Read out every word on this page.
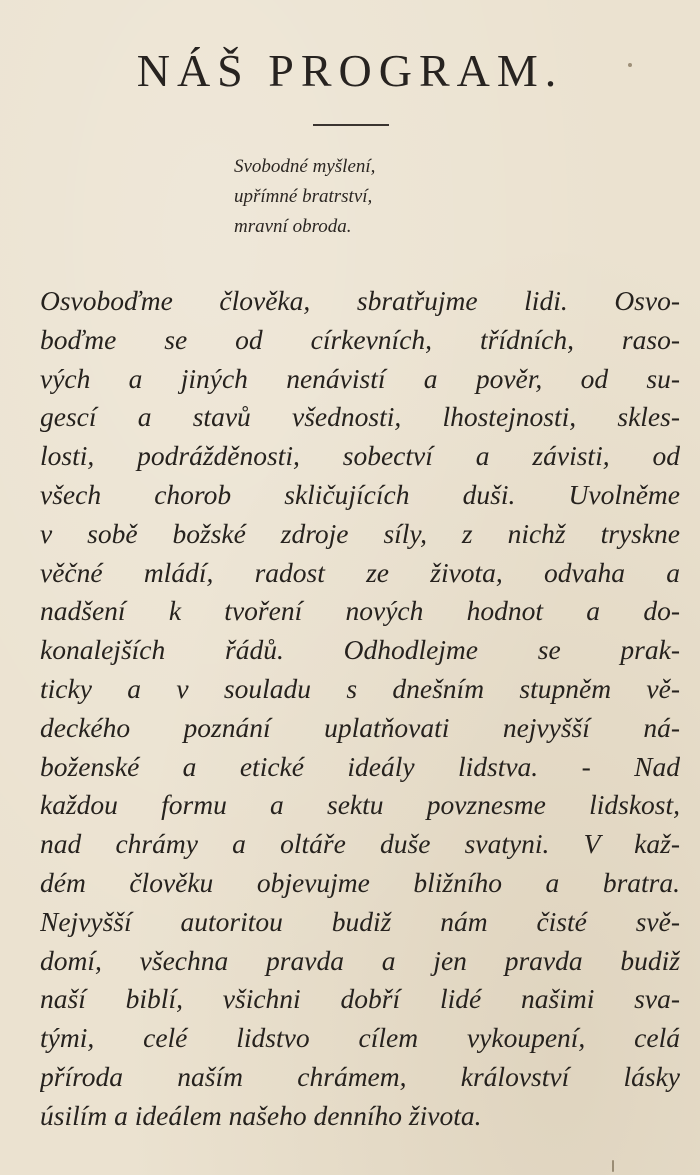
NÁŠ PROGRAM.
Svobodné myšlení,
upřímné bratrství,
mravní obroda.
Osvoboďme člověka, sbratřujme lidi. Osvo-
boďme se od církevních, třídních, raso-
vých a jiných nenávistí a pověr, od su-
gescí a stavů všednosti, lhostejnosti, skles-
losti, podrážděnosti, sobectví a závisti, od
všech chorob skličujících duši. Uvolněme
v sobě božské zdroje síly, z nichž tryskne
věčné mládí, radost ze života, odvaha a
nadšení k tvoření nových hodnot a do-
konalejších řádů. Odhodlejme se prak-
ticky a v souladu s dnešním stupněm vě-
deckého poznání uplatňovati nejvyšší ná-
boženské a etické ideály lidstva. - Nad
každou formu a sektu povznesme lidskost,
nad chrámy a oltáře duše svatyni. V kaž-
dém člověku objevujme bližního a bratra.
Nejvyšší autoritou budiž nám čisté svě-
domí, všechna pravda a jen pravda budiž
naší biblí, všichni dobří lidé našimi sva-
tými, celé lidstvo cílem vykoupení, celá
příroda naším chrámem, království lásky
úsilím a ideálem našeho denního života.
